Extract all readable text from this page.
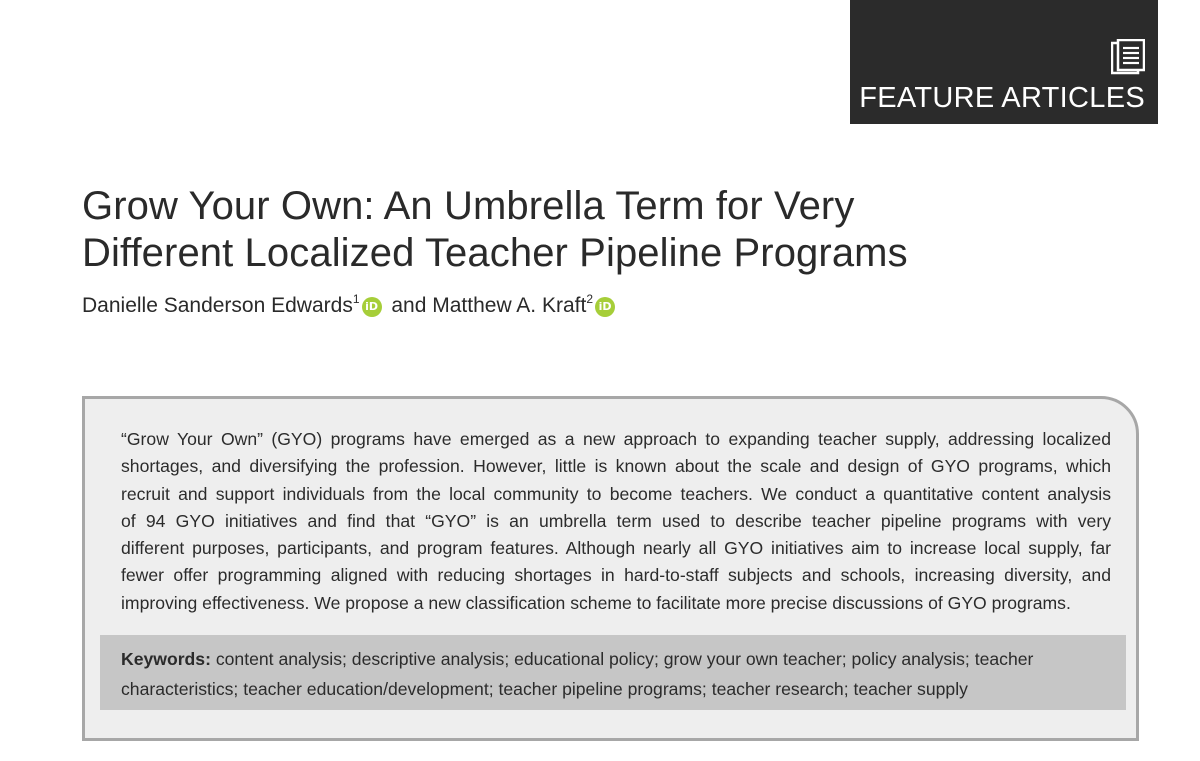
FEATURE ARTICLES
Grow Your Own: An Umbrella Term for Very
Different Localized Teacher Pipeline Programs
Danielle Sanderson Edwards$^1$iD and Matthew A. Kraft$^2$iD

“Grow Your Own” (GYO) programs have emerged as a new approach to expanding teacher supply, addressing localized
shortages, and diversifying the profession. However, little is known about the scale and design of GYO programs, which
recruit and support individuals from the local community to become teachers. We conduct a quantitative content analysis
of 94 GYO initiatives and find that “GYO” is an umbrella term used to describe teacher pipeline programs with very
different purposes, participants, and program features. Although nearly all GYO initiatives aim to increase local supply, far
fewer offer programming aligned with reducing shortages in hard-to-staff subjects and schools, increasing diversity, and
improving effectiveness. We propose a new classification scheme to facilitate more precise discussions of GYO programs.

Keywords: content analysis; descriptive analysis; educational policy; grow your own teacher; policy analysis; teacher
characteristics; teacher education/development; teacher pipeline programs; teacher research; teacher supply
